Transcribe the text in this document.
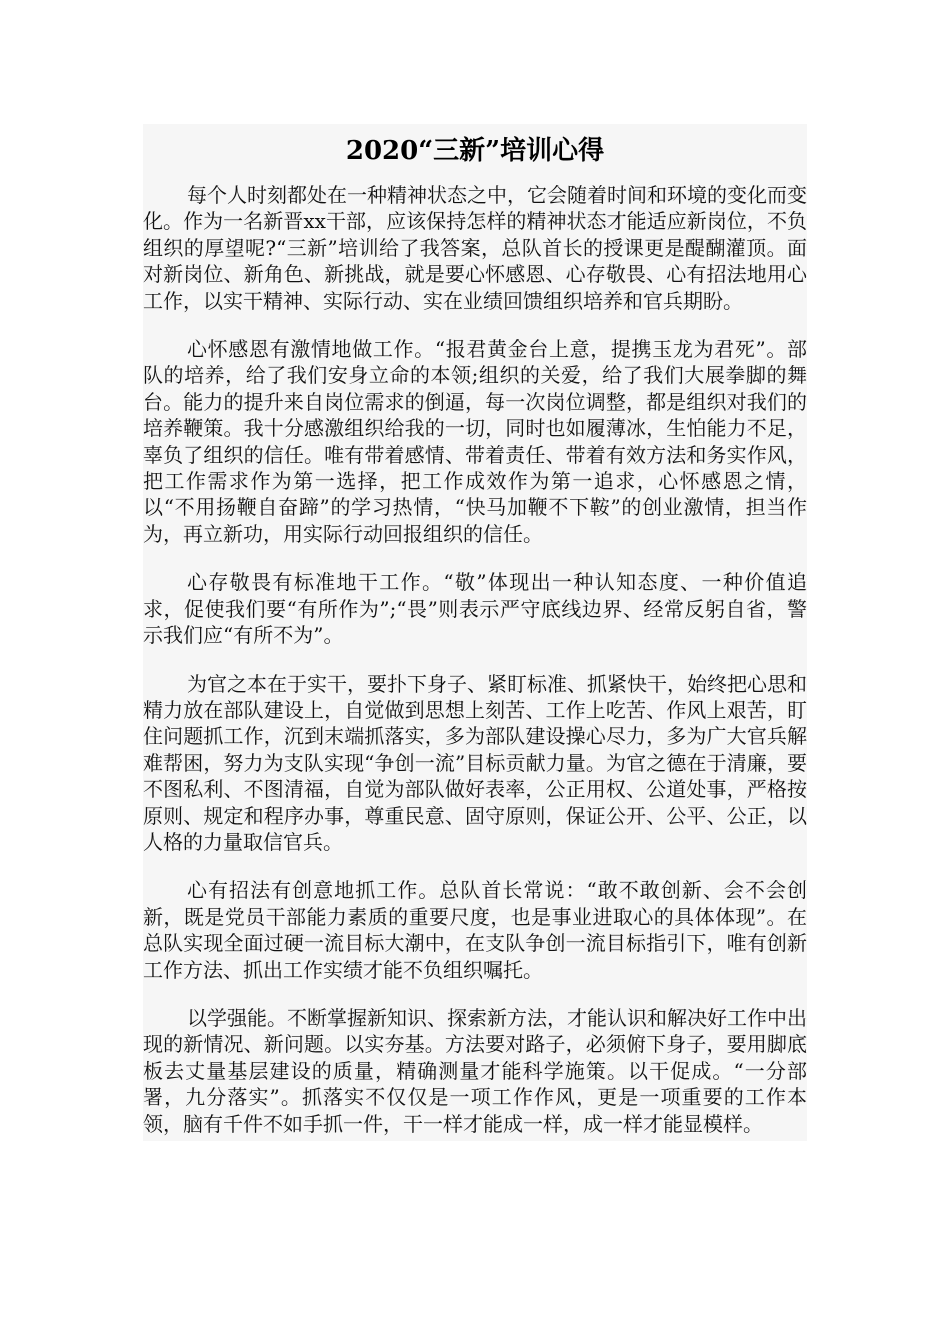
2020“三新”培训心得

每个人时刻都处在一种精神状态之中，它会随着时间和环境的变化而变化。作为一名新晋xx干部，应该保持怎样的精神状态才能适应新岗位，不负组织的厚望呢?“三新”培训给了我答案，总队首长的授课更是醍醐灌顶。面对新岗位、新角色、新挑战，就是要心怀感恩、心存敬畏、心有招法地用心工作，以实干精神、实际行动、实在业绩回馈组织培养和官兵期盼。

心怀感恩有激情地做工作。“报君黄金台上意，提携玉龙为君死”。部队的培养，给了我们安身立命的本领;组织的关爱，给了我们大展拳脚的舞台。能力的提升来自岗位需求的倒逼，每一次岗位调整，都是组织对我们的培养鞭策。我十分感激组织给我的一切，同时也如履薄冰，生怕能力不足，辜负了组织的信任。唯有带着感情、带着责任、带着有效方法和务实作风，把工作需求作为第一选择，把工作成效作为第一追求，心怀感恩之情，以“不用扬鞭自奋蹄”的学习热情，“快马加鞭不下鞍”的创业激情，担当作为，再立新功，用实际行动回报组织的信任。

心存敬畏有标准地干工作。“敬”体现出一种认知态度、一种价值追求，促使我们要“有所作为”;“畏”则表示严守底线边界、经常反躬自省，警示我们应“有所不为”。

为官之本在于实干，要扑下身子、紧盯标准、抓紧快干，始终把心思和精力放在部队建设上，自觉做到思想上刻苦、工作上吃苦、作风上艰苦，盯住问题抓工作，沉到末端抓落实，多为部队建设操心尽力，多为广大官兵解难帮困，努力为支队实现“争创一流”目标贡献力量。为官之德在于清廉，要不图私利、不图清福，自觉为部队做好表率，公正用权、公道处事，严格按原则、规定和程序办事，尊重民意、固守原则，保证公开、公平、公正，以人格的力量取信官兵。

心有招法有创意地抓工作。总队首长常说：“敢不敢创新、会不会创新，既是党员干部能力素质的重要尺度，也是事业进取心的具体体现”。在总队实现全面过硬一流目标大潮中，在支队争创一流目标指引下，唯有创新工作方法、抓出工作实绩才能不负组织嘱托。

以学强能。不断掌握新知识、探索新方法，才能认识和解决好工作中出现的新情况、新问题。以实夯基。方法要对路子，必须俯下身子，要用脚底板去丈量基层建设的质量，精确测量才能科学施策。以干促成。“一分部署，九分落实”。抓落实不仅仅是一项工作作风，更是一项重要的工作本领，脑有千件不如手抓一件，干一样才能成一样，成一样才能显模样。
